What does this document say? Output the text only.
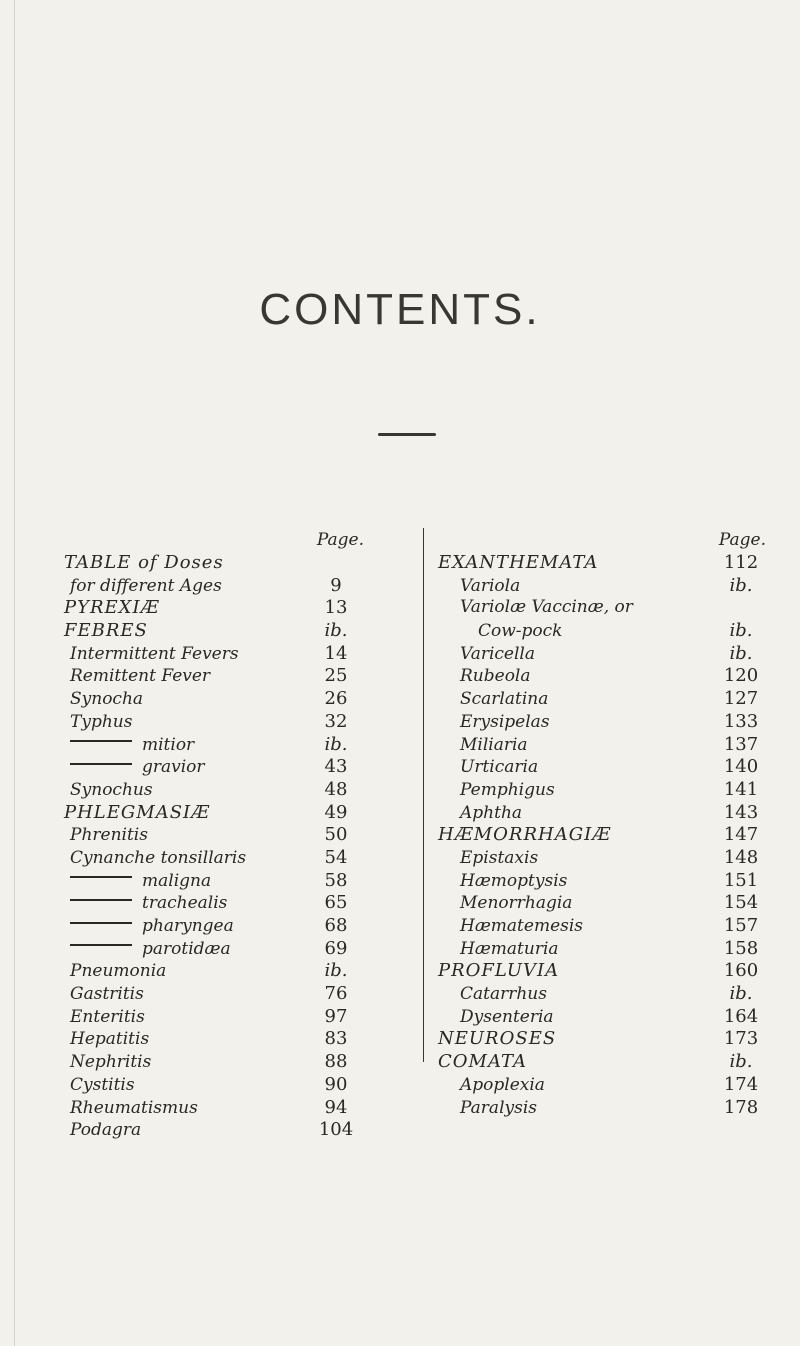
CONTENTS.
Page.
TABLE of Doses
for different Ages	9
PYREXIÆ	13
FEBRES	ib.
Intermittent Fevers	14
Remittent Fever	25
Synocha	26
Typhus	32
mitior	ib.
gravior	43
Synochus	48
PHLEGMASIÆ	49
Phrenitis	50
Cynanche tonsillaris	54
maligna	58
trachealis	65
pharyngea	68
parotidæa	69
Pneumonia	ib.
Gastritis	76
Enteritis	97
Hepatitis	83
Nephritis	88
Cystitis	90
Rheumatismus	94
Podagra	104
Page.
EXANTHEMATA	112
Variola	ib.
Variolæ Vaccinæ, or
Cow-pock	ib.
Varicella	ib.
Rubeola	120
Scarlatina	127
Erysipelas	133
Miliaria	137
Urticaria	140
Pemphigus	141
Aphtha	143
HÆMORRHAGIÆ	147
Epistaxis	148
Hæmoptysis	151
Menorrhagia	154
Hæmatemesis	157
Hæmaturia	158
PROFLUVIA	160
Catarrhus	ib.
Dysenteria	164
NEUROSES	173
COMATA	ib.
Apoplexia	174
Paralysis	178
